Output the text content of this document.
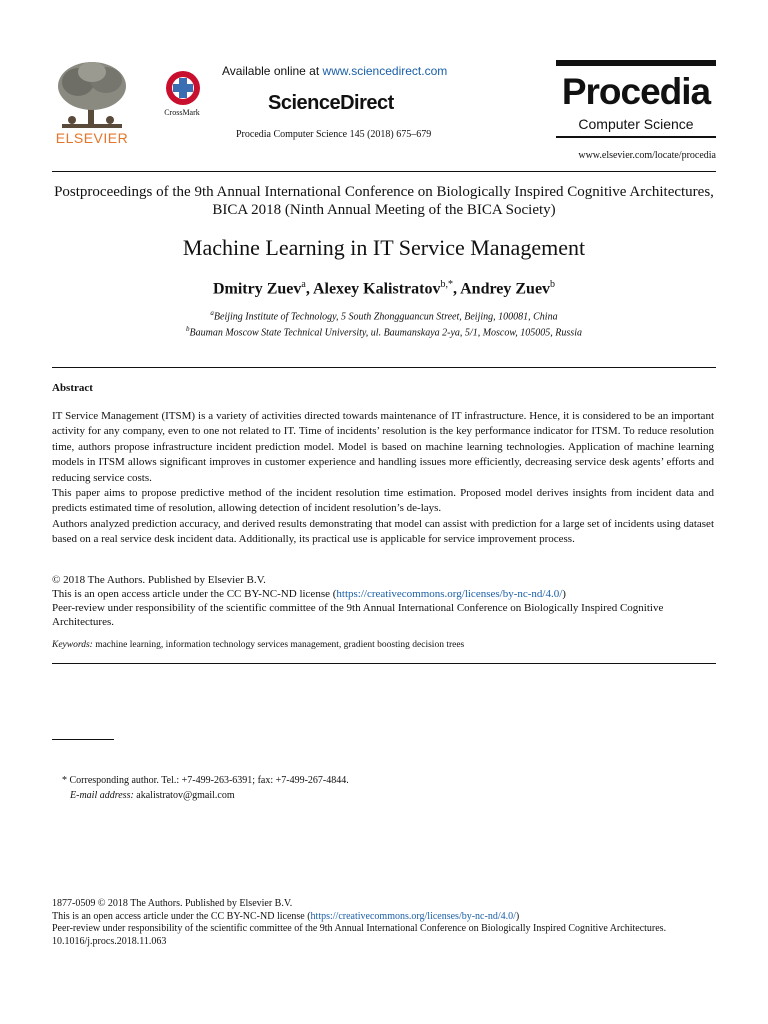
ELSEVIER
CrossMark
Available online at www.sciencedirect.com
ScienceDirect
Procedia Computer Science 145 (2018) 675–679
Procedia
Computer Science
www.elsevier.com/locate/procedia
Postproceedings of the 9th Annual International Conference on Biologically Inspired Cognitive Architectures, BICA 2018 (Ninth Annual Meeting of the BICA Society)
Machine Learning in IT Service Management
Dmitry Zuev$^a$, Alexey Kalistratov$^{b,*}$, Andrey Zuev$^b$
$^a$Beijing Institute of Technology, 5 South Zhongguancun Street, Beijing, 100081, China
$^b$Bauman Moscow State Technical University, ul. Baumanskaya 2-ya, 5/1, Moscow, 105005, Russia
Abstract

IT Service Management (ITSM) is a variety of activities directed towards maintenance of IT infrastructure. Hence, it is considered to be an important activity for any company, even to one not related to IT. Time of incidents’ resolution is the key performance indicator for ITSM. To reduce resolution time, authors propose infrastructure incident prediction model. Model is based on machine learning technologies. Application of machine learning models in ITSM allows significant improves in customer experience and handling issues more efficiently, decreasing service desk agents’ efforts and reducing service costs.

This paper aims to propose predictive method of the incident resolution time estimation. Proposed model derives insights from incident data and predicts estimated time of resolution, allowing detection of incident resolution’s de-lays.

Authors analyzed prediction accuracy, and derived results demonstrating that model can assist with prediction for a large set of incidents using dataset based on a real service desk incident data. Additionally, its practical use is applicable for service improvement process.

© 2018 The Authors. Published by Elsevier B.V.

This is an open access article under the CC BY-NC-ND license (https://creativecommons.org/licenses/by-nc-nd/4.0/)

Peer-review under responsibility of the scientific committee of the 9th Annual International Conference on Biologically Inspired Cognitive Architectures.

Keywords: machine learning, information technology services management, gradient boosting decision trees
* Corresponding author. Tel.: +7-499-263-6391; fax: +7-499-267-4844.
E-mail address: akalistratov@gmail.com

1877-0509 © 2018 The Authors. Published by Elsevier B.V.

This is an open access article under the CC BY-NC-ND license (https://creativecommons.org/licenses/by-nc-nd/4.0/)

Peer-review under responsibility of the scientific committee of the 9th Annual International Conference on Biologically Inspired Cognitive Architectures.

10.1016/j.procs.2018.11.063
